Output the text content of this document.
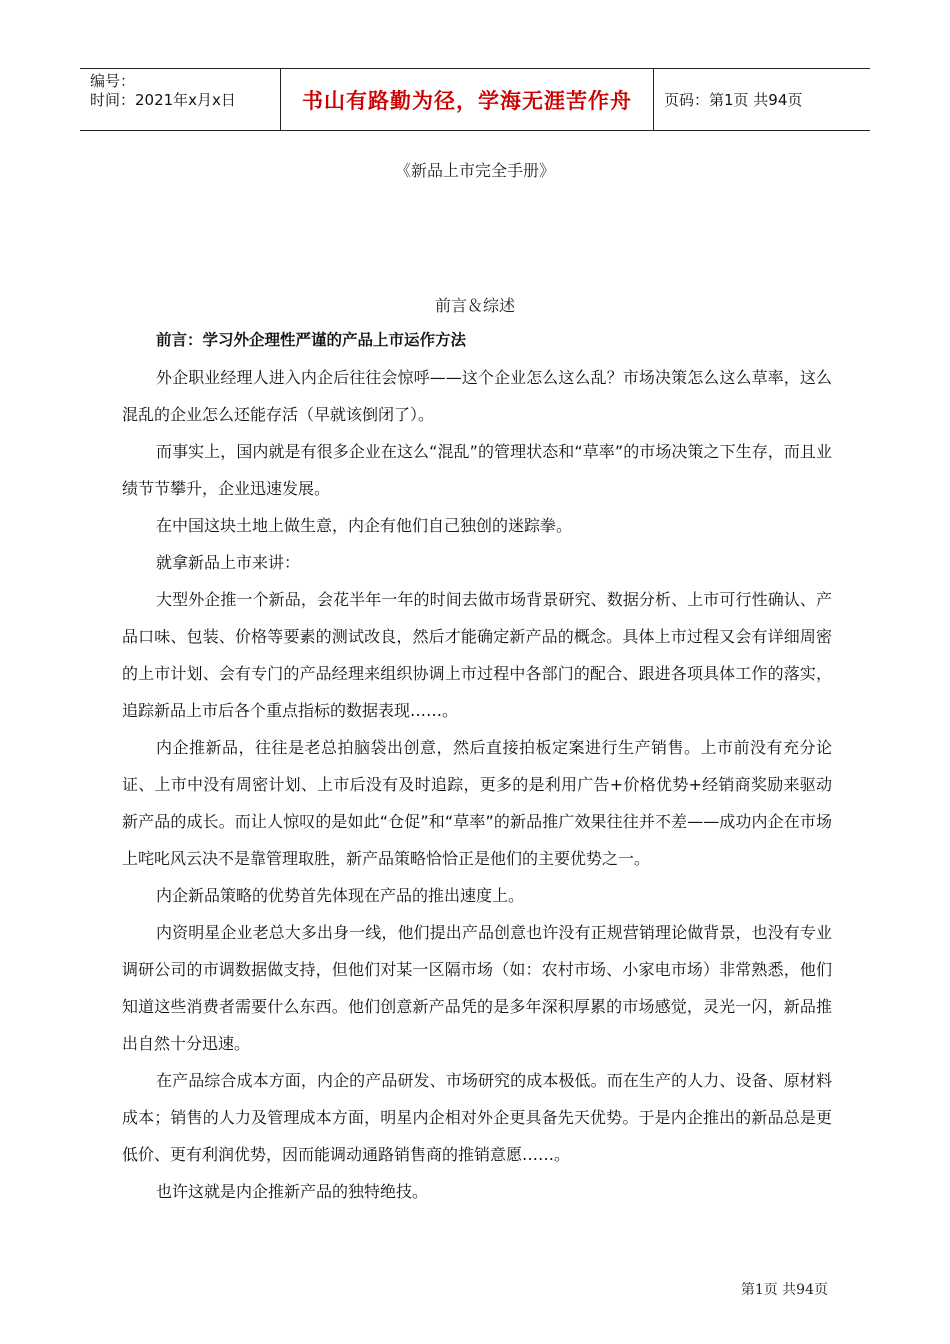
编号：
时间：2021年x月x日	书山有路勤为径，学海无涯苦作舟	页码：第1页 共94页
《新品上市完全手册》
前言＆综述

前言：学习外企理性严谨的产品上市运作方法

外企职业经理人进入内企后往往会惊呼——这个企业怎么这么乱？市场决策怎么这么草率，这么混乱的企业怎么还能存活（早就该倒闭了）。

而事实上，国内就是有很多企业在这么“混乱”的管理状态和“草率”的市场决策之下生存，而且业绩节节攀升，企业迅速发展。

在中国这块土地上做生意，内企有他们自己独创的迷踪拳。

就拿新品上市来讲：

大型外企推一个新品，会花半年一年的时间去做市场背景研究、数据分析、上市可行性确认、产品口味、包装、价格等要素的测试改良，然后才能确定新产品的概念。具体上市过程又会有详细周密的上市计划、会有专门的产品经理来组织协调上市过程中各部门的配合、跟进各项具体工作的落实，追踪新品上市后各个重点指标的数据表现……。

内企推新品，往往是老总拍脑袋出创意，然后直接拍板定案进行生产销售。上市前没有充分论证、上市中没有周密计划、上市后没有及时追踪，更多的是利用广告+价格优势+经销商奖励来驱动新产品的成长。而让人惊叹的是如此“仓促”和“草率”的新品推广效果往往并不差——成功内企在市场上咤叱风云决不是靠管理取胜，新产品策略恰恰正是他们的主要优势之一。

内企新品策略的优势首先体现在产品的推出速度上。

内资明星企业老总大多出身一线，他们提出产品创意也许没有正规营销理论做背景，也没有专业调研公司的市调数据做支持，但他们对某一区隔市场（如：农村市场、小家电市场）非常熟悉，他们知道这些消费者需要什么东西。他们创意新产品凭的是多年深积厚累的市场感觉，灵光一闪，新品推出自然十分迅速。

在产品综合成本方面，内企的产品研发、市场研究的成本极低。而在生产的人力、设备、原材料成本；销售的人力及管理成本方面，明星内企相对外企更具备先天优势。于是内企推出的新品总是更低价、更有利润优势，因而能调动通路销售商的推销意愿……。

也许这就是内企推新产品的独特绝技。

第1页 共94页
